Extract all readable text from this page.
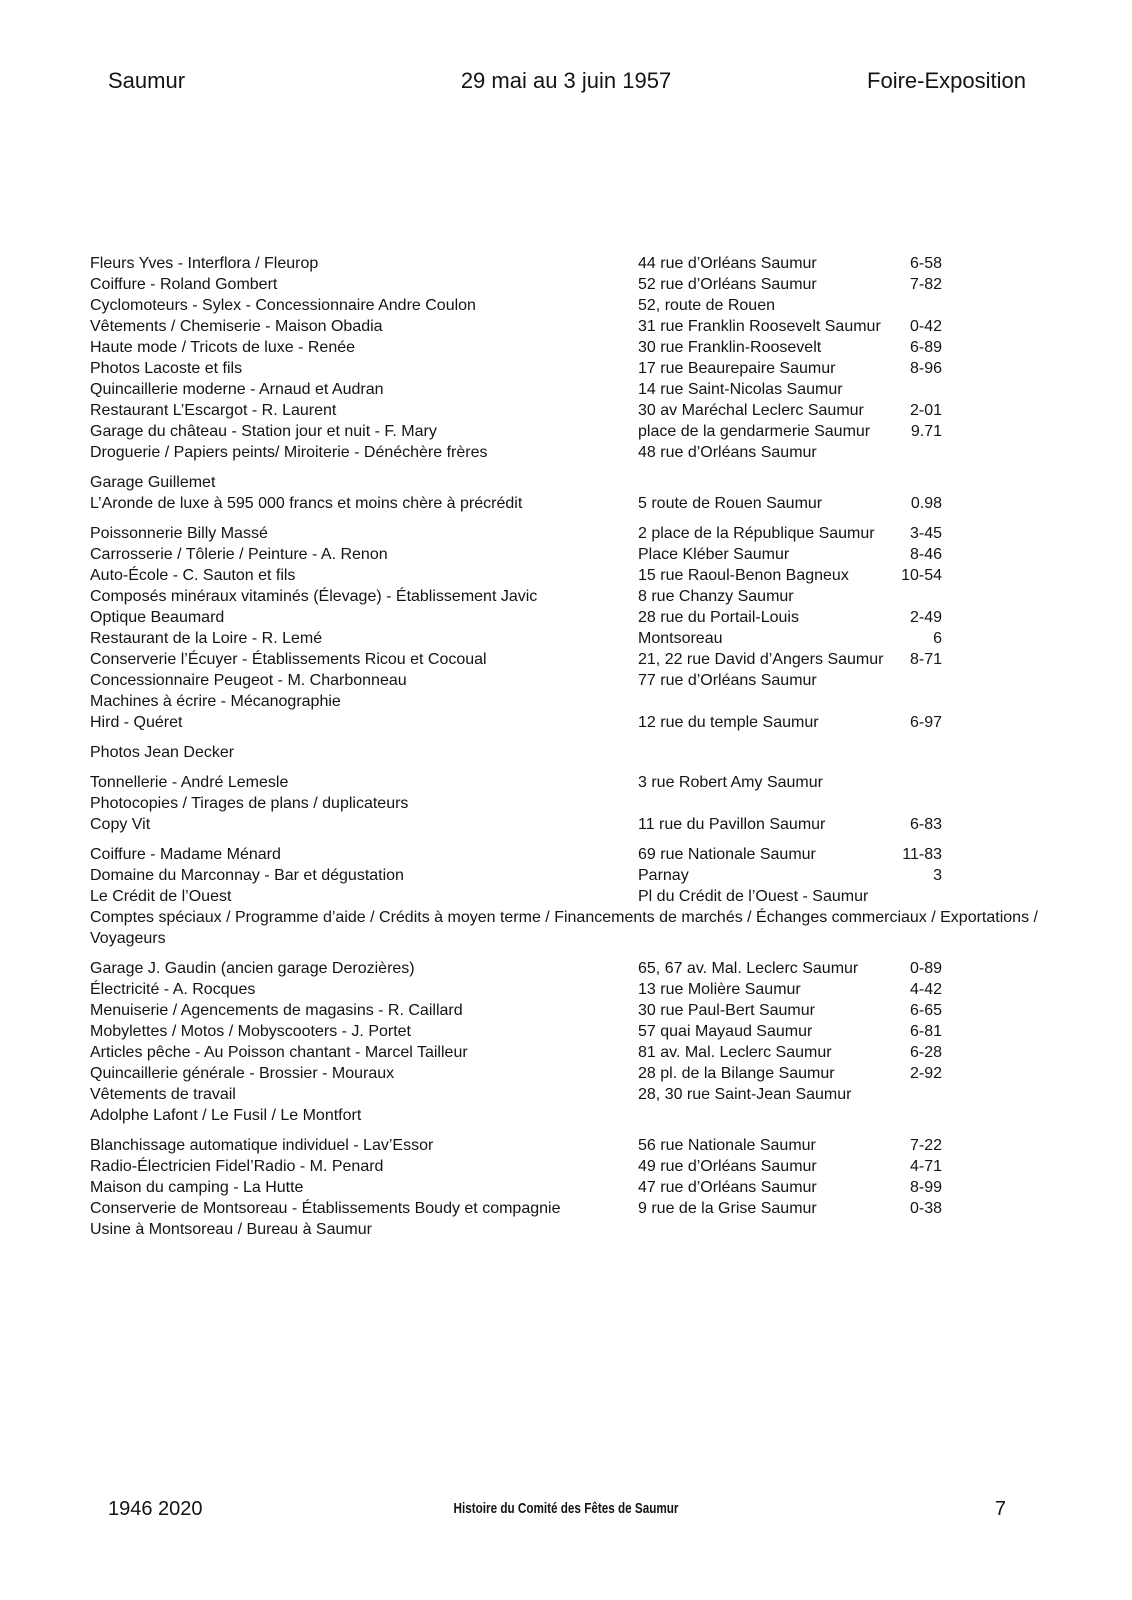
Saumur	29 mai au 3 juin 1957	Foire-Exposition
Fleurs Yves - Interflora / Fleurop	44 rue d’Orléans Saumur	6-58
Coiffure - Roland Gombert	52 rue d’Orléans Saumur	7-82
Cyclomoteurs - Sylex - Concessionnaire Andre Coulon	52, route de Rouen
Vêtements / Chemiserie - Maison Obadia	31 rue Franklin Roosevelt Saumur	0-42
Haute mode / Tricots de luxe - Renée	30 rue Franklin-Roosevelt	6-89
Photos Lacoste et fils	17 rue Beaurepaire Saumur	8-96
Quincaillerie moderne - Arnaud et Audran	14 rue Saint-Nicolas Saumur
Restaurant L’Escargot - R. Laurent	30 av Maréchal Leclerc Saumur	2-01
Garage du château - Station jour et nuit - F. Mary	place de la gendarmerie Saumur	9.71
Droguerie / Papiers peints/ Miroiterie - Dénéchère frères	48 rue d’Orléans Saumur
Garage Guillemet
L’Aronde de luxe à 595 000 francs et moins chère à précrédit	5 route de Rouen Saumur	0.98
Poissonnerie Billy Massé	2 place de la République Saumur	3-45
Carrosserie / Tôlerie / Peinture - A. Renon	Place Kléber Saumur	8-46
Auto-École - C. Sauton et fils	15 rue Raoul-Benon Bagneux	10-54
Composés minéraux vitaminés (Élevage) - Établissement Javic	8 rue Chanzy Saumur
Optique Beaumard	28 rue du Portail-Louis	2-49
Restaurant de la Loire - R. Lemé	Montsoreau	6
Conserverie l’Écuyer - Établissements Ricou et Cocoual	21, 22 rue David d’Angers Saumur	8-71
Concessionnaire Peugeot - M. Charbonneau	77 rue d’Orléans Saumur
Machines à écrire - Mécanographie
Hird - Quéret	12 rue du temple Saumur	6-97
Photos Jean Decker
Tonnellerie - André Lemesle	3 rue Robert Amy Saumur
Photocopies / Tirages de plans / duplicateurs
Copy Vit	11 rue du Pavillon Saumur	6-83
Coiffure - Madame Ménard	69 rue Nationale Saumur	11-83
Domaine du Marconnay - Bar et dégustation	Parnay	3
Le Crédit de l’Ouest	Pl du Crédit de l’Ouest - Saumur
Comptes spéciaux / Programme d’aide / Crédits à moyen terme / Financements de marchés / Échanges commerciaux / Exportations / Voyageurs
Garage J. Gaudin (ancien garage Derozières)	65, 67 av. Mal. Leclerc Saumur	0-89
Électricité - A. Rocques	13 rue Molière Saumur	4-42
Menuiserie / Agencements de magasins - R. Caillard	30 rue Paul-Bert Saumur	6-65
Mobylettes / Motos / Mobyscooters - J. Portet	57 quai Mayaud Saumur	6-81
Articles pêche - Au Poisson chantant - Marcel Tailleur	81 av. Mal. Leclerc Saumur	6-28
Quincaillerie générale - Brossier - Mouraux	28 pl. de la Bilange Saumur	2-92
Vêtements de travail	28, 30 rue Saint-Jean Saumur
Adolphe Lafont / Le Fusil / Le Montfort
Blanchissage automatique individuel - Lav’Essor	56 rue Nationale Saumur	7-22
Radio-Électricien Fidel’Radio - M. Penard	49 rue d’Orléans Saumur	4-71
Maison du camping - La Hutte	47 rue d’Orléans Saumur	8-99
Conserverie de Montsoreau - Établissements Boudy et compagnie	9 rue de la Grise Saumur	0-38
Usine à Montsoreau / Bureau à Saumur
1946 2020	Histoire du Comité des Fêtes de Saumur	7
